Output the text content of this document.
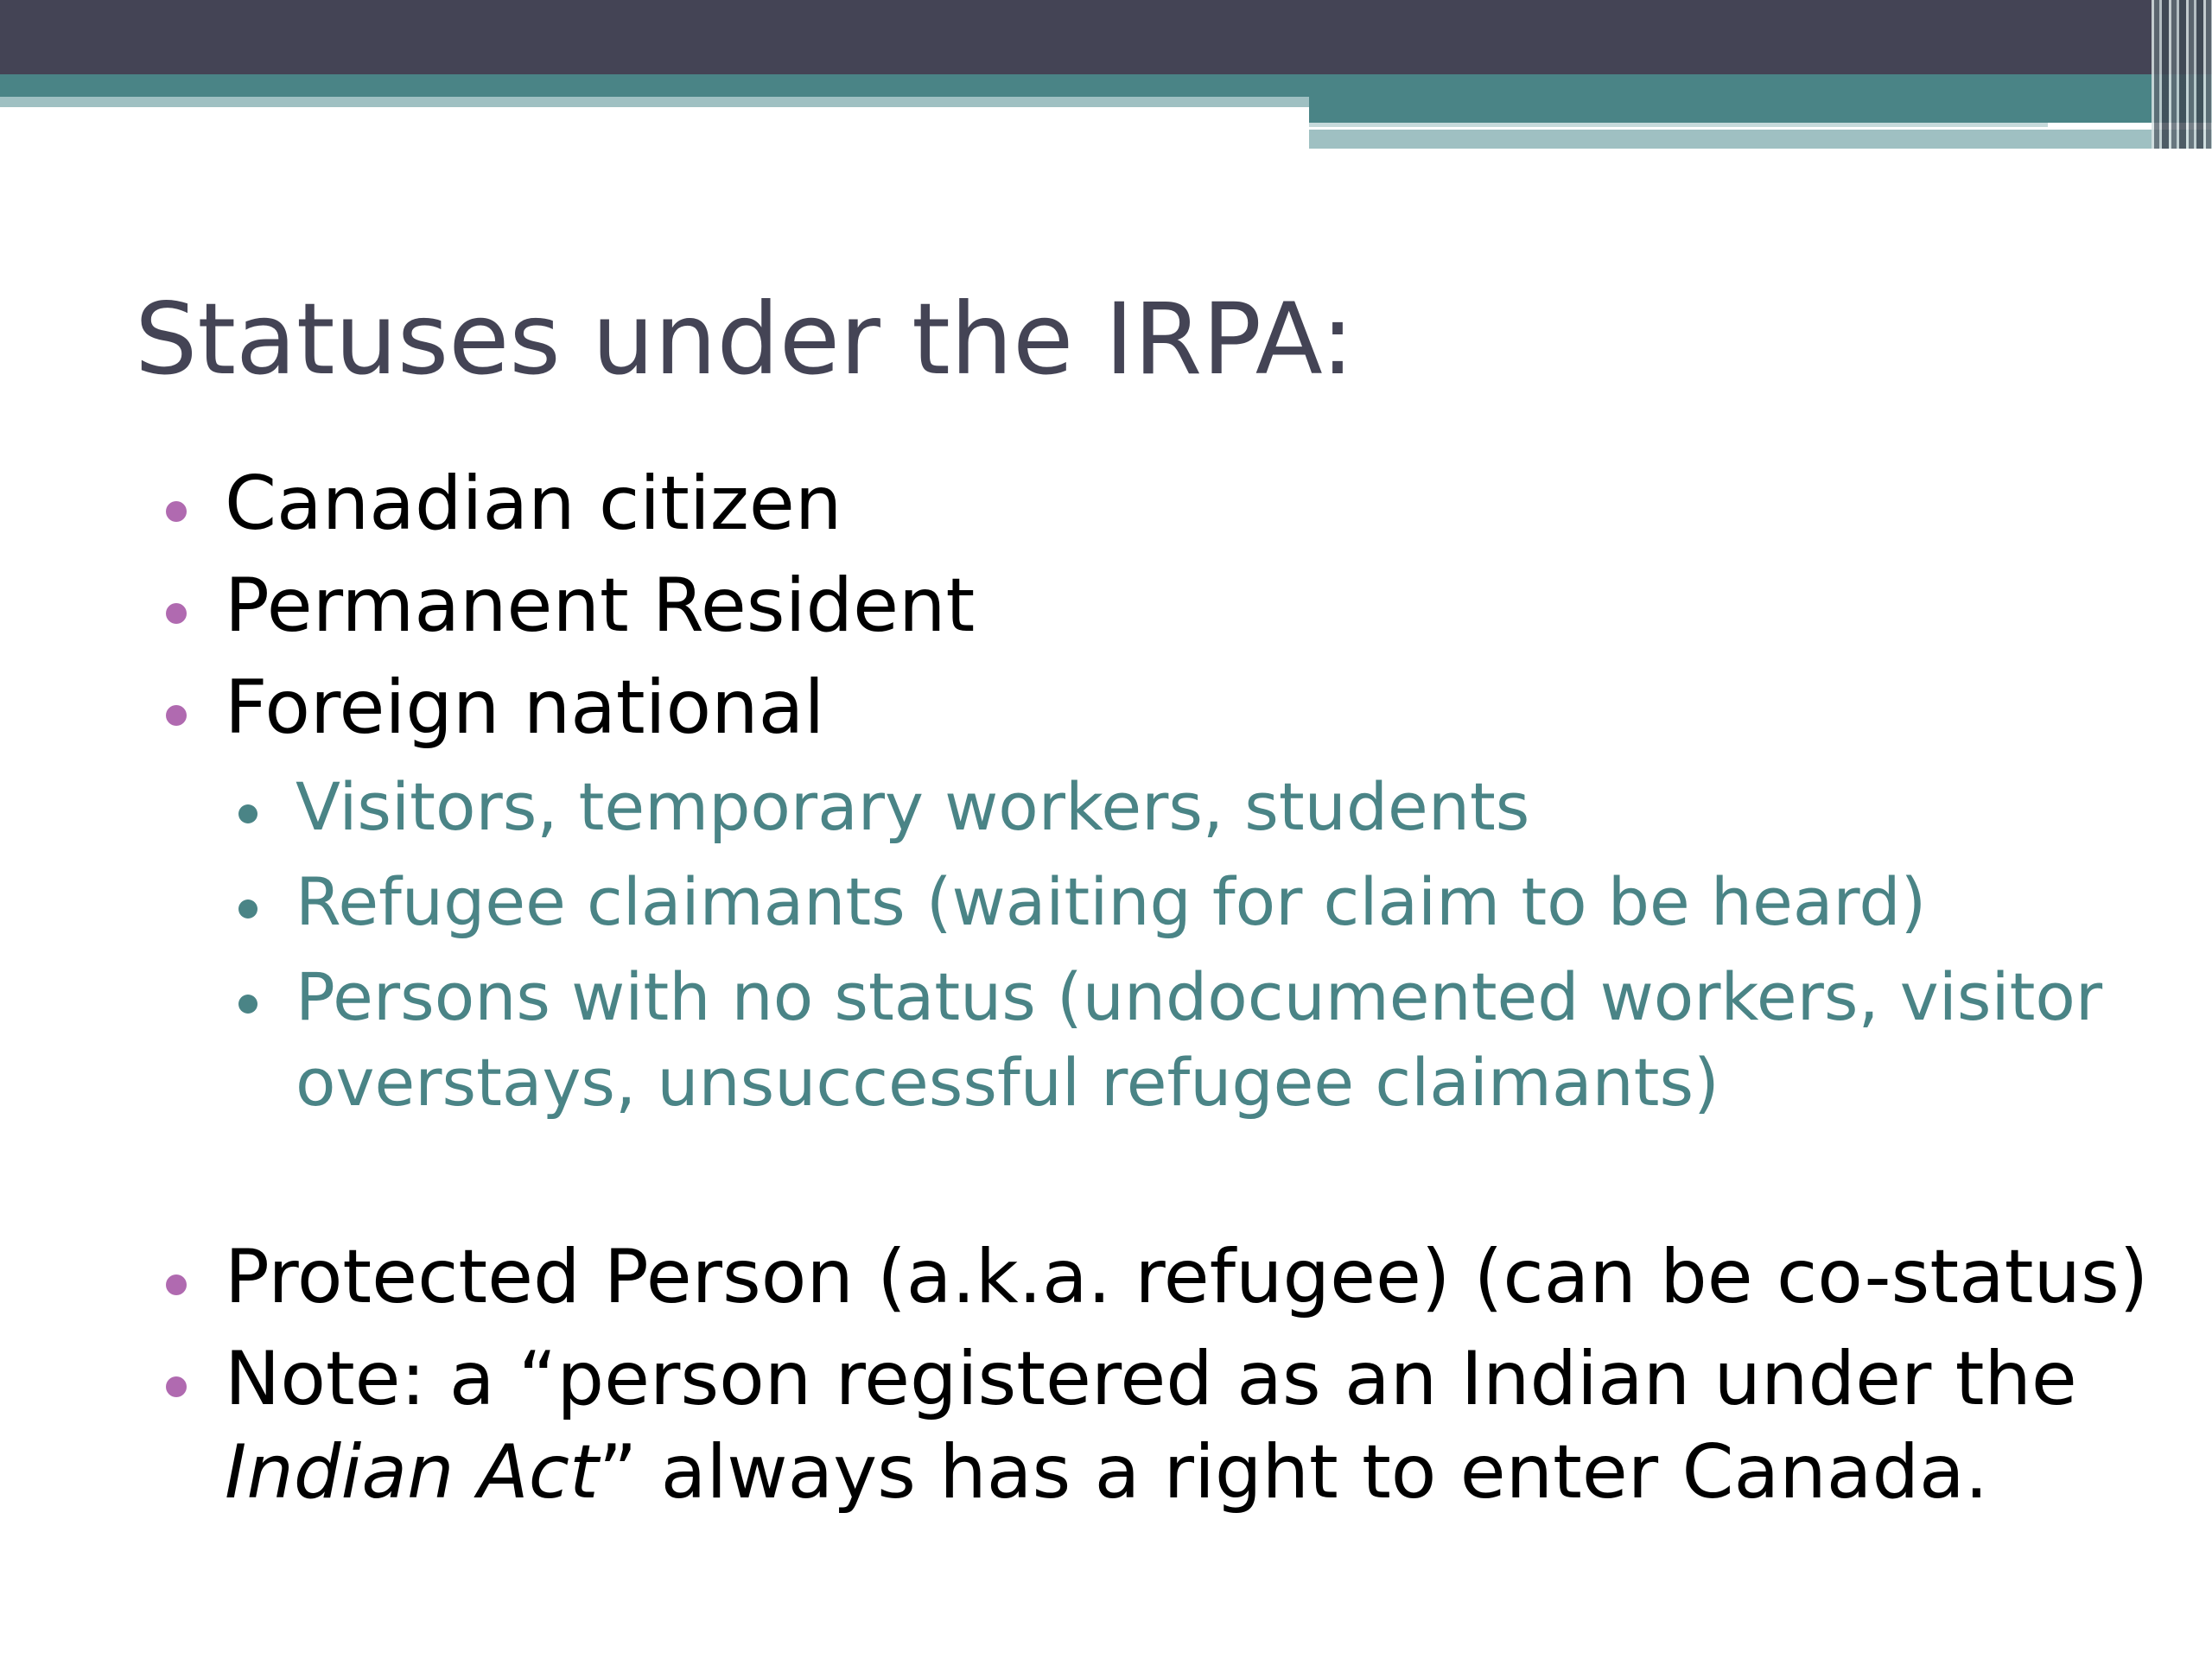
Statuses under the IRPA:

Canadian citizen

Permanent Resident

Foreign national

Visitors, temporary workers, students

Refugee claimants (waiting for claim to be heard)

Persons with no status (undocumented workers, visitor
overstays, unsuccessful refugee claimants)

Protected Person (a.k.a. refugee) (can be co-status)

Note: a “person registered as an Indian under the
Indian Act” always has a right to enter Canada.
